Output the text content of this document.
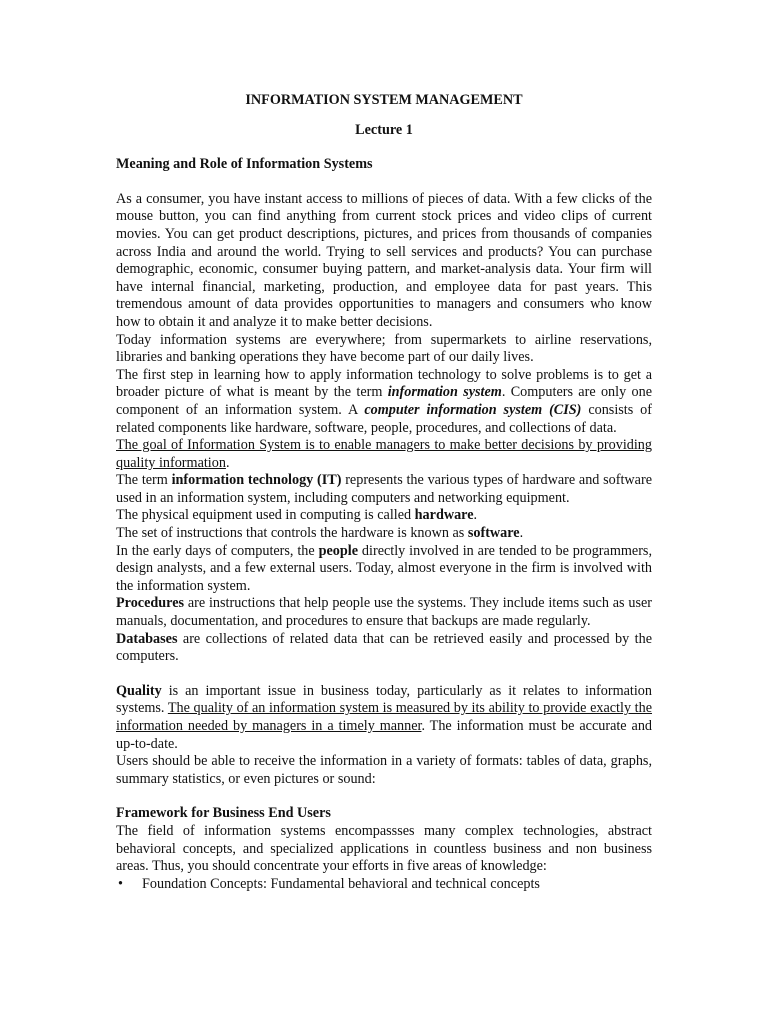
INFORMATION SYSTEM MANAGEMENT
Lecture 1
Meaning and Role of Information Systems

As a consumer, you have instant access to millions of pieces of data. With a few clicks of the mouse button, you can find anything from current stock prices and video clips of current movies. You can get product descriptions, pictures, and prices from thousands of companies across India and around the world. Trying to sell services and products? You can purchase demographic, economic, consumer buying pattern, and market-analysis data. Your firm will have internal financial, marketing, production, and employee data for past years. This tremendous amount of data provides opportunities to managers and consumers who know how to obtain it and analyze it to make better decisions.

Today information systems are everywhere; from supermarkets to airline reservations, libraries and banking operations they have become part of our daily lives.

The first step in learning how to apply information technology to solve problems is to get a broader picture of what is meant by the term information system. Computers are only one component of an information system. A computer information system (CIS) consists of related components like hardware, software, people, procedures, and collections of data.

The goal of Information System is to enable managers to make better decisions by providing quality information.

The term information technology (IT) represents the various types of hardware and software used in an information system, including computers and networking equipment.

The physical equipment used in computing is called hardware.

The set of instructions that controls the hardware is known as software.

In the early days of computers, the people directly involved in are tended to be programmers, design analysts, and a few external users. Today, almost everyone in the firm is involved with the information system.

Procedures are instructions that help people use the systems. They include items such as user manuals, documentation, and procedures to ensure that backups are made regularly.

Databases are collections of related data that can be retrieved easily and processed by the computers.

Quality is an important issue in business today, particularly as it relates to information systems. The quality of an information system is measured by its ability to provide exactly the information needed by managers in a timely manner. The information must be accurate and up-to-date.

Users should be able to receive the information in a variety of formats: tables of data, graphs, summary statistics, or even pictures or sound:

Framework for Business End Users

The field of information systems encompassses many complex technologies, abstract behavioral concepts, and specialized applications in countless business and non business areas. Thus, you should concentrate your efforts in five areas of knowledge:

• Foundation Concepts: Fundamental behavioral and technical concepts
